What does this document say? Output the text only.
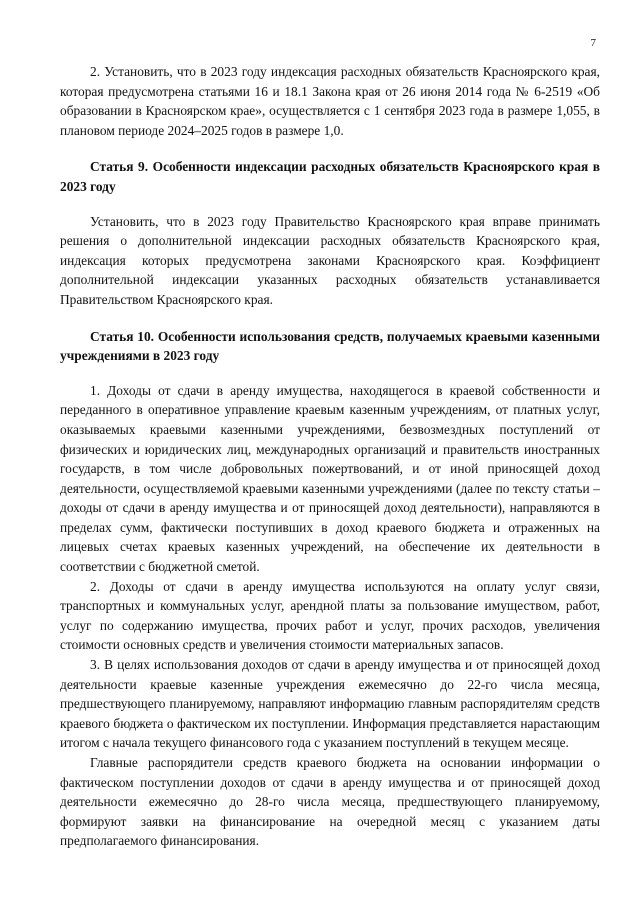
7

2. Установить, что в 2023 году индексация расходных обязательств Красноярского края, которая предусмотрена статьями 16 и 18.1 Закона края от 26 июня 2014 года № 6-2519 «Об образовании в Красноярском крае», осуществляется с 1 сентября 2023 года в размере 1,055, в плановом периоде 2024–2025 годов в размере 1,0.

Статья 9. Особенности индексации расходных обязательств Красноярского края в 2023 году

Установить, что в 2023 году Правительство Красноярского края вправе принимать решения о дополнительной индексации расходных обязательств Красноярского края, индексация которых предусмотрена законами Красноярского края. Коэффициент дополнительной индексации указанных расходных обязательств устанавливается Правительством Красноярского края.

Статья 10. Особенности использования средств, получаемых краевыми казенными учреждениями в 2023 году

1. Доходы от сдачи в аренду имущества, находящегося в краевой собственности и переданного в оперативное управление краевым казенным учреждениям, от платных услуг, оказываемых краевыми казенными учреждениями, безвозмездных поступлений от физических и юридических лиц, международных организаций и правительств иностранных государств, в том числе добровольных пожертвований, и от иной приносящей доход деятельности, осуществляемой краевыми казенными учреждениями (далее по тексту статьи – доходы от сдачи в аренду имущества и от приносящей доход деятельности), направляются в пределах сумм, фактически поступивших в доход краевого бюджета и отраженных на лицевых счетах краевых казенных учреждений, на обеспечение их деятельности в соответствии с бюджетной сметой.

2. Доходы от сдачи в аренду имущества используются на оплату услуг связи, транспортных и коммунальных услуг, арендной платы за пользование имуществом, работ, услуг по содержанию имущества, прочих работ и услуг, прочих расходов, увеличения стоимости основных средств и увеличения стоимости материальных запасов.

3. В целях использования доходов от сдачи в аренду имущества и от приносящей доход деятельности краевые казенные учреждения ежемесячно до 22-го числа месяца, предшествующего планируемому, направляют информацию главным распорядителям средств краевого бюджета о фактическом их поступлении. Информация представляется нарастающим итогом с начала текущего финансового года с указанием поступлений в текущем месяце.

Главные распорядители средств краевого бюджета на основании информации о фактическом поступлении доходов от сдачи в аренду имущества и от приносящей доход деятельности ежемесячно до 28-го числа месяца, предшествующего планируемому, формируют заявки на финансирование на очередной месяц с указанием даты предполагаемого финансирования.
